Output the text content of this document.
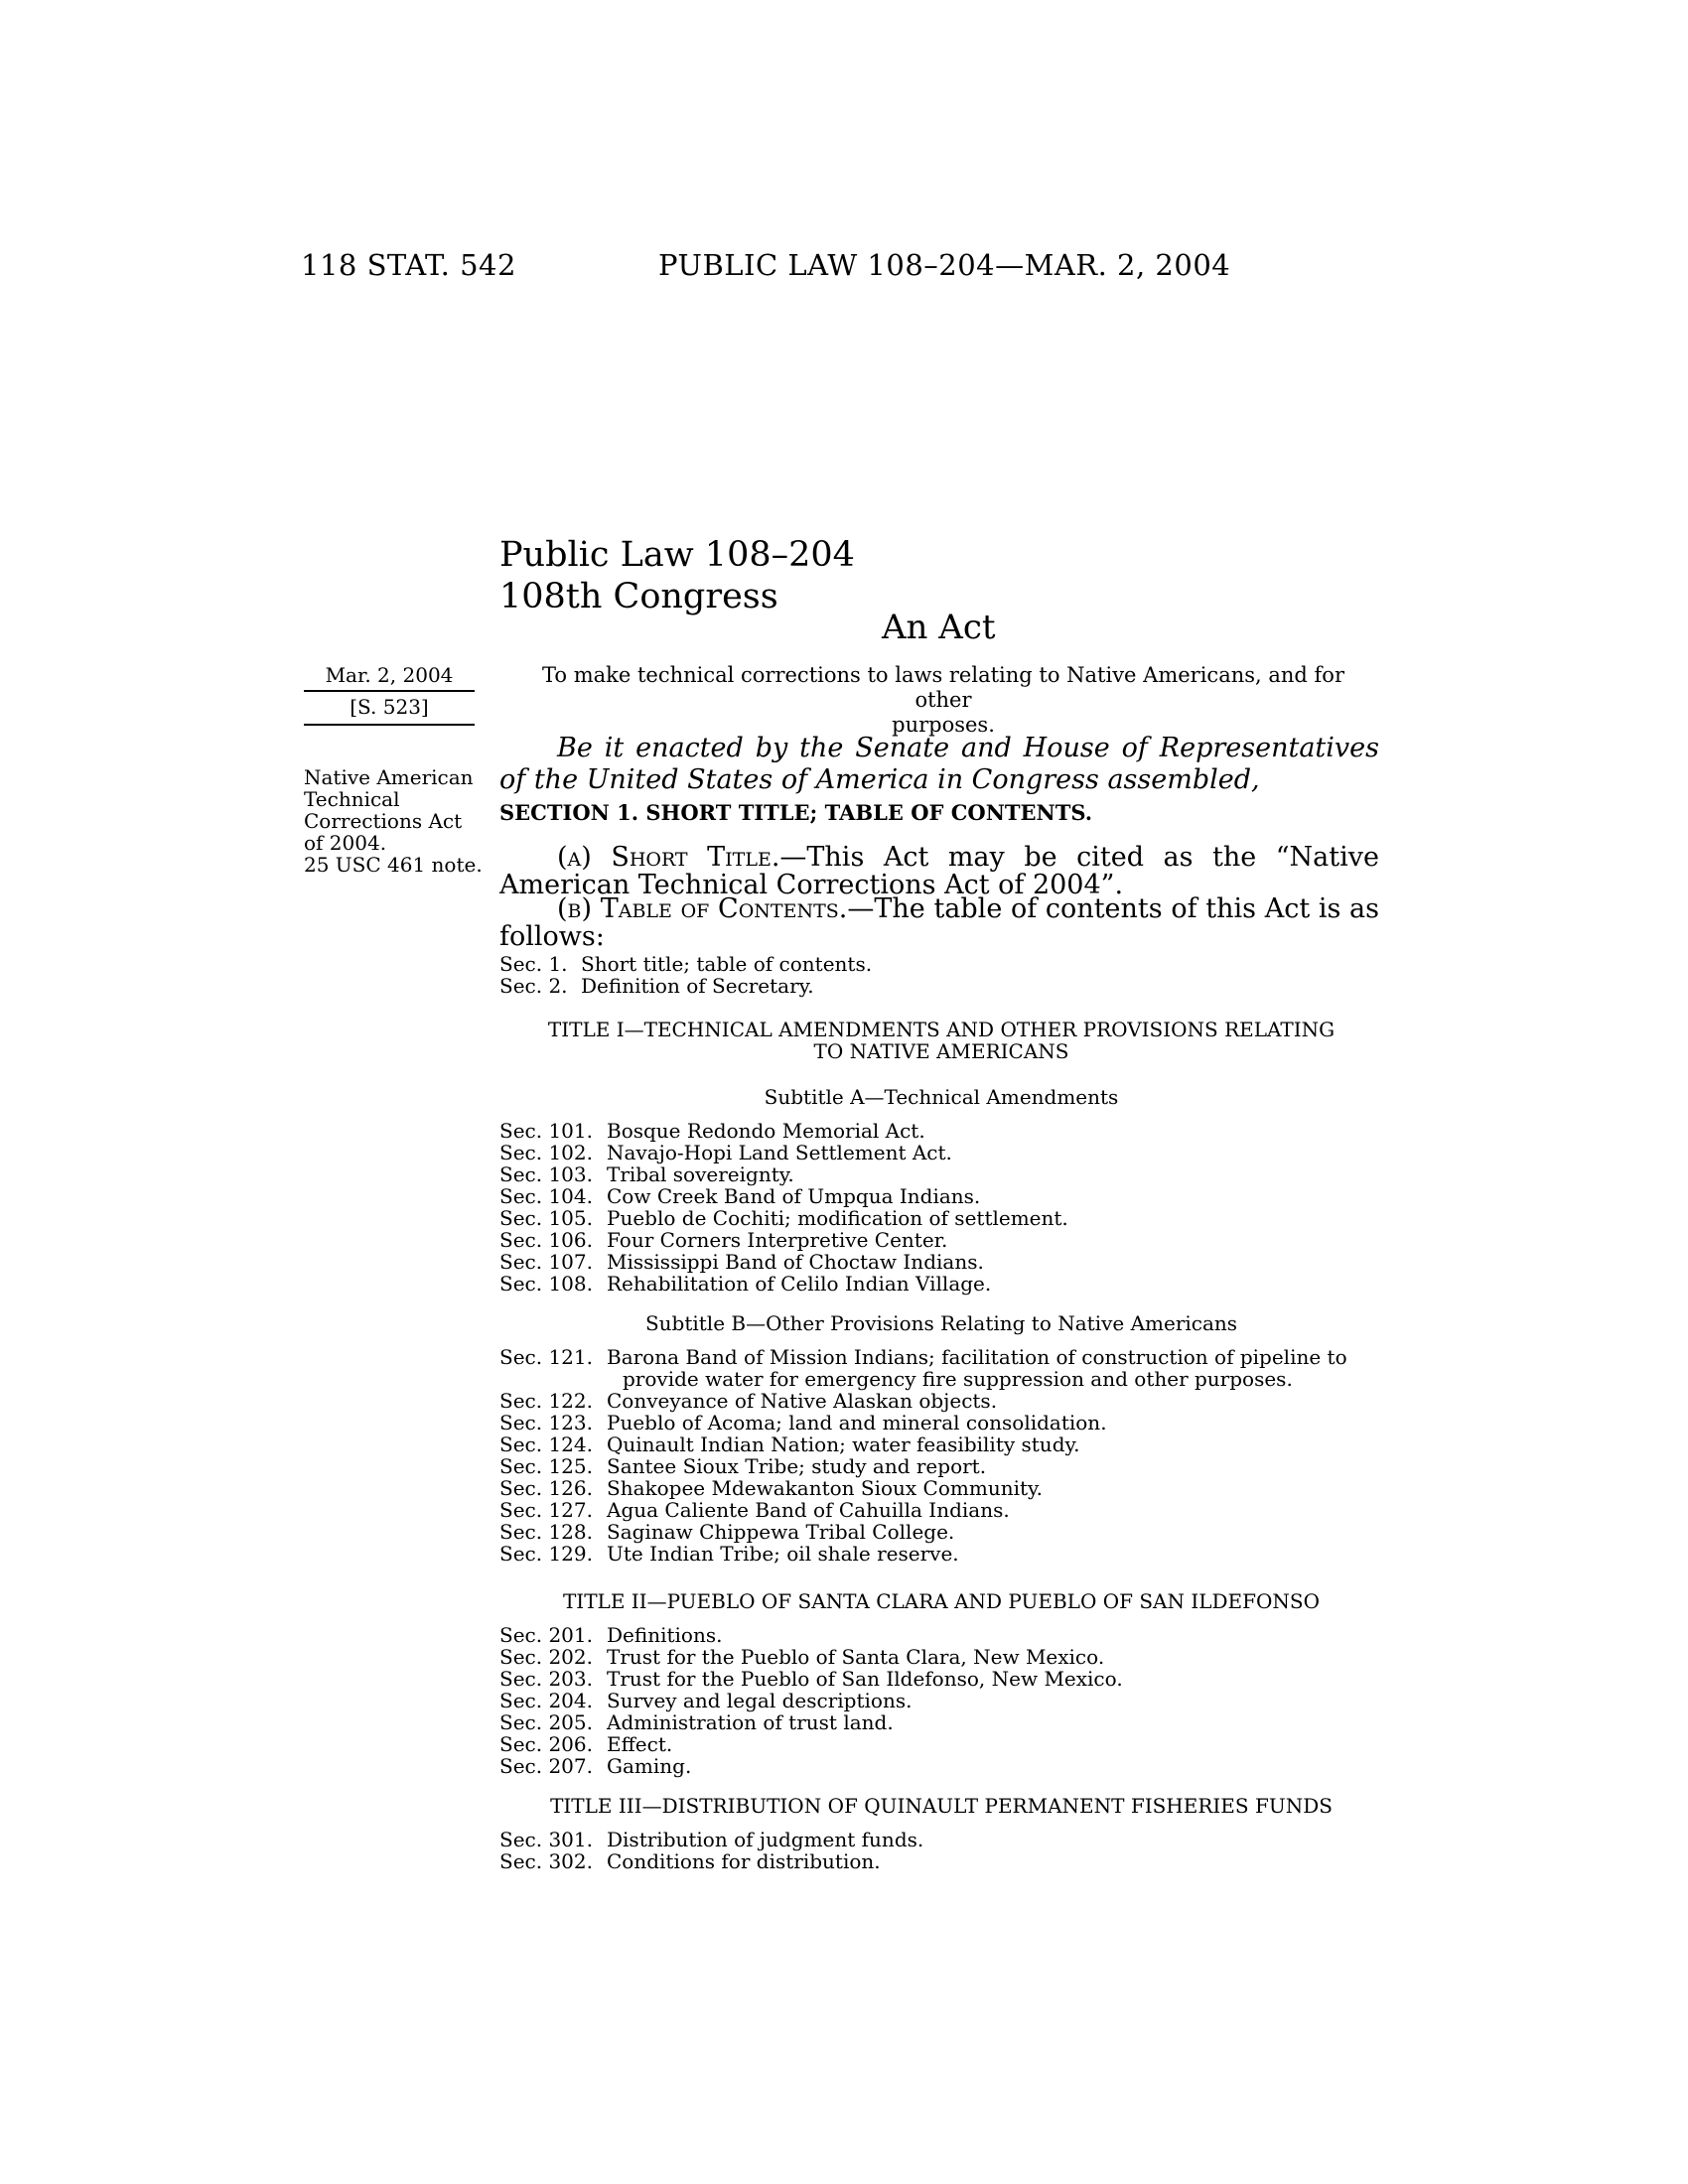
118 STAT. 542	PUBLIC LAW 108–204—MAR. 2, 2004
Public Law 108–204
108th Congress
An Act
Mar. 2, 2004
[S. 523]
Native American
Technical
Corrections Act
of 2004.
25 USC 461 note.
To make technical corrections to laws relating to Native Americans, and for other
purposes.
Be it enacted by the Senate and House of Representatives of the United States of America in Congress assembled,
SECTION 1. SHORT TITLE; TABLE OF CONTENTS.
(a) Short Title.—This Act may be cited as the “Native American Technical Corrections Act of 2004”.
(b) Table of Contents.—The table of contents of this Act is as follows:
Sec. 1. Short title; table of contents.
Sec. 2. Definition of Secretary.
TITLE I—TECHNICAL AMENDMENTS AND OTHER PROVISIONS RELATING
TO NATIVE AMERICANS
Subtitle A—Technical Amendments
Sec. 101. Bosque Redondo Memorial Act.
Sec. 102. Navajo-Hopi Land Settlement Act.
Sec. 103. Tribal sovereignty.
Sec. 104. Cow Creek Band of Umpqua Indians.
Sec. 105. Pueblo de Cochiti; modification of settlement.
Sec. 106. Four Corners Interpretive Center.
Sec. 107. Mississippi Band of Choctaw Indians.
Sec. 108. Rehabilitation of Celilo Indian Village.
Subtitle B—Other Provisions Relating to Native Americans
Sec. 121. Barona Band of Mission Indians; facilitation of construction of pipeline to provide water for emergency fire suppression and other purposes.
Sec. 122. Conveyance of Native Alaskan objects.
Sec. 123. Pueblo of Acoma; land and mineral consolidation.
Sec. 124. Quinault Indian Nation; water feasibility study.
Sec. 125. Santee Sioux Tribe; study and report.
Sec. 126. Shakopee Mdewakanton Sioux Community.
Sec. 127. Agua Caliente Band of Cahuilla Indians.
Sec. 128. Saginaw Chippewa Tribal College.
Sec. 129. Ute Indian Tribe; oil shale reserve.
TITLE II—PUEBLO OF SANTA CLARA AND PUEBLO OF SAN ILDEFONSO
Sec. 201. Definitions.
Sec. 202. Trust for the Pueblo of Santa Clara, New Mexico.
Sec. 203. Trust for the Pueblo of San Ildefonso, New Mexico.
Sec. 204. Survey and legal descriptions.
Sec. 205. Administration of trust land.
Sec. 206. Effect.
Sec. 207. Gaming.
TITLE III—DISTRIBUTION OF QUINAULT PERMANENT FISHERIES FUNDS
Sec. 301. Distribution of judgment funds.
Sec. 302. Conditions for distribution.
